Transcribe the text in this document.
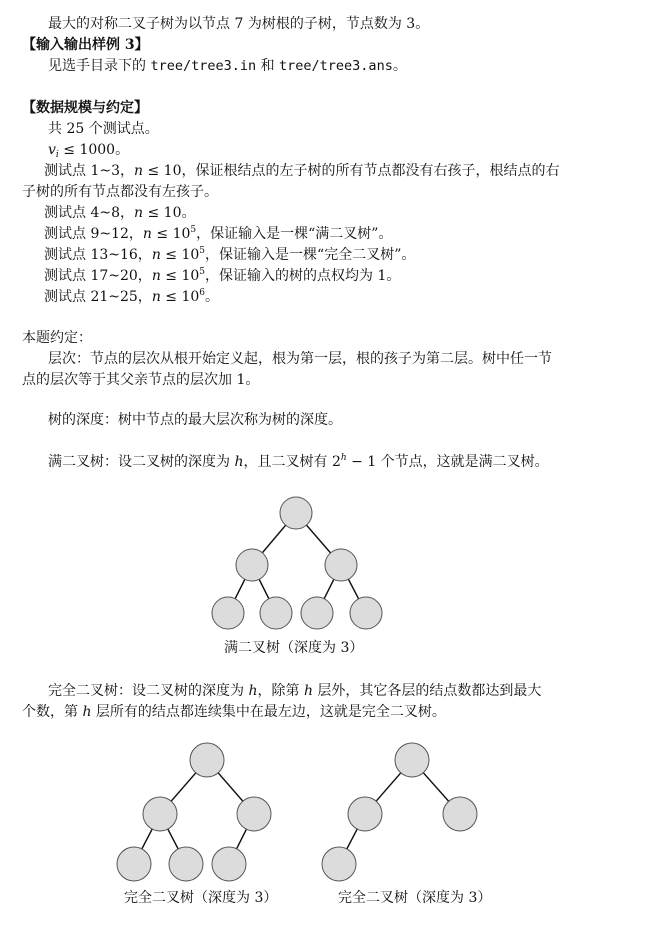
最大的对称二叉子树为以节点 7 为树根的子树，节点数为 3。
【输入输出样例 3】
见选手目录下的 tree/tree3.in 和 tree/tree3.ans。
【数据规模与约定】
共 25 个测试点。
$v_i \le 1000$。
测试点 1~3，n ≤ 10，保证根结点的左子树的所有节点都没有右孩子，根结点的右
子树的所有节点都没有左孩子。
测试点 4~8，n ≤ 10。
测试点 9~12，$n \le 10^5$，保证输入是一棵“满二叉树”。
测试点 13~16，$n \le 10^5$，保证输入是一棵“完全二叉树”。
测试点 17~20，$n \le 10^5$，保证输入的树的点权均为 1。
测试点 21~25，$n \le 10^6$。
本题约定：
层次：节点的层次从根开始定义起，根为第一层，根的孩子为第二层。树中任一节
点的层次等于其父亲节点的层次加 1。
树的深度：树中节点的最大层次称为树的深度。
满二叉树：设二叉树的深度为 h，且二叉树有 $2^h - 1$ 个节点，这就是满二叉树。
满二叉树（深度为 3）
完全二叉树：设二叉树的深度为 h，除第 h 层外，其它各层的结点数都达到最大
个数，第 h 层所有的结点都连续集中在最左边，这就是完全二叉树。
完全二叉树（深度为 3）	完全二叉树（深度为 3）
